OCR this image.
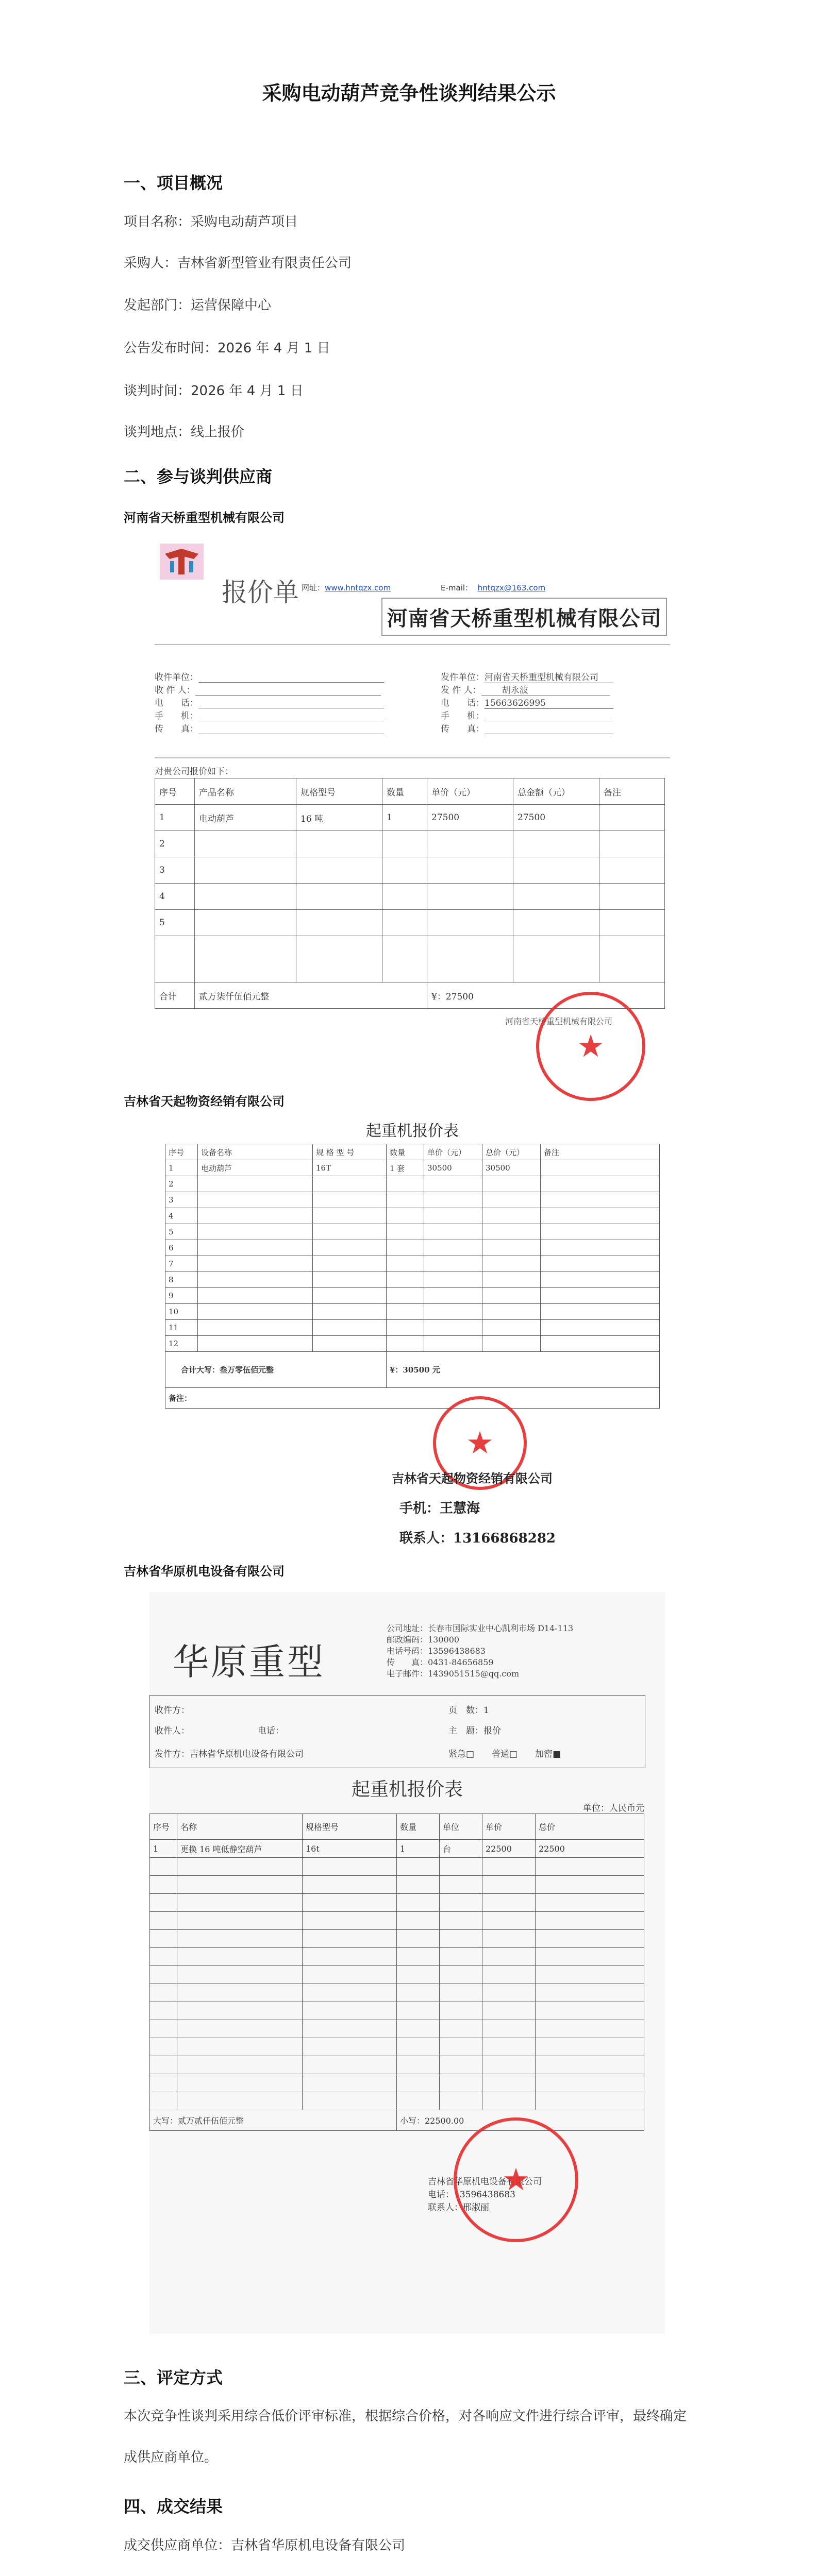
采购电动葫芦竞争性谈判结果公示
一、项目概况
项目名称：采购电动葫芦项目
采购人：吉林省新型管业有限责任公司
发起部门：运营保障中心
公告发布时间：2026 年 4 月 1 日
谈判时间：2026 年 4 月 1 日
谈判地点：线上报价
二、参与谈判供应商
河南省天桥重型机械有限公司
报价单 网址：www.hntqzx.com	E-mail： hntqzx@163.com
河南省天桥重型机械有限公司
收件单位：
收 件 人：
电　　话：
手　　机：
传　　真：
发件单位：河南省天桥重型机械有限公司
发 件 人： 胡永波
电　　话：15663626995
手　　机：
传　　真：
对贵公司报价如下：
序号	产品名称	规格型号	数量	单价（元）	总金额（元）	备注
1	电动葫芦	16 吨	1	27500	27500	
2						
3						
4						
5						

合计	贰万柒仟伍佰元整			¥：27500		
河南省天桥重型机械有限公司
★
吉林省天起物资经销有限公司
起重机报价表
序号	设备名称	规 格 型 号	数量	单价（元）	总价（元）	备注
1	电动葫芦	16T	1 套	30500	30500	
2						
3						
4						
5						
6						
7						
8						
9						
10						
11						
12						
合计大写：叁万零伍佰元整			¥：30500 元			
备注：						
★
吉林省天起物资经销有限公司
手机：王慧海
联系人：13166868282
吉林省华原机电设备有限公司
华原重型
公司地址：长春市国际实业中心凯利市场 D14-113
邮政编码：130000
电话号码：13596438683
传　　真：0431-84656859
电子邮件：1439051515@qq.com
收件方：
收件人：	电话：
发件方：吉林省华原机电设备有限公司
页　数：1
主　题：报价
紧急□　　普通□　　加密■
起重机报价表
单位：人民币元
序号	名称	规格型号	数量	单位	单价	总价
1	更换 16 吨低静空葫芦	16t	1	台	22500	22500

大写：贰万贰仟伍佰元整			小写：22500.00			
吉林省华原机电设备有限公司
电话：13596438683
联系人：邢淑丽
★
三、评定方式
本次竞争性谈判采用综合低价评审标准，根据综合价格，对各响应文件进行综合评审，最终确定成供应商单位。
四、成交结果
成交供应商单位：吉林省华原机电设备有限公司
